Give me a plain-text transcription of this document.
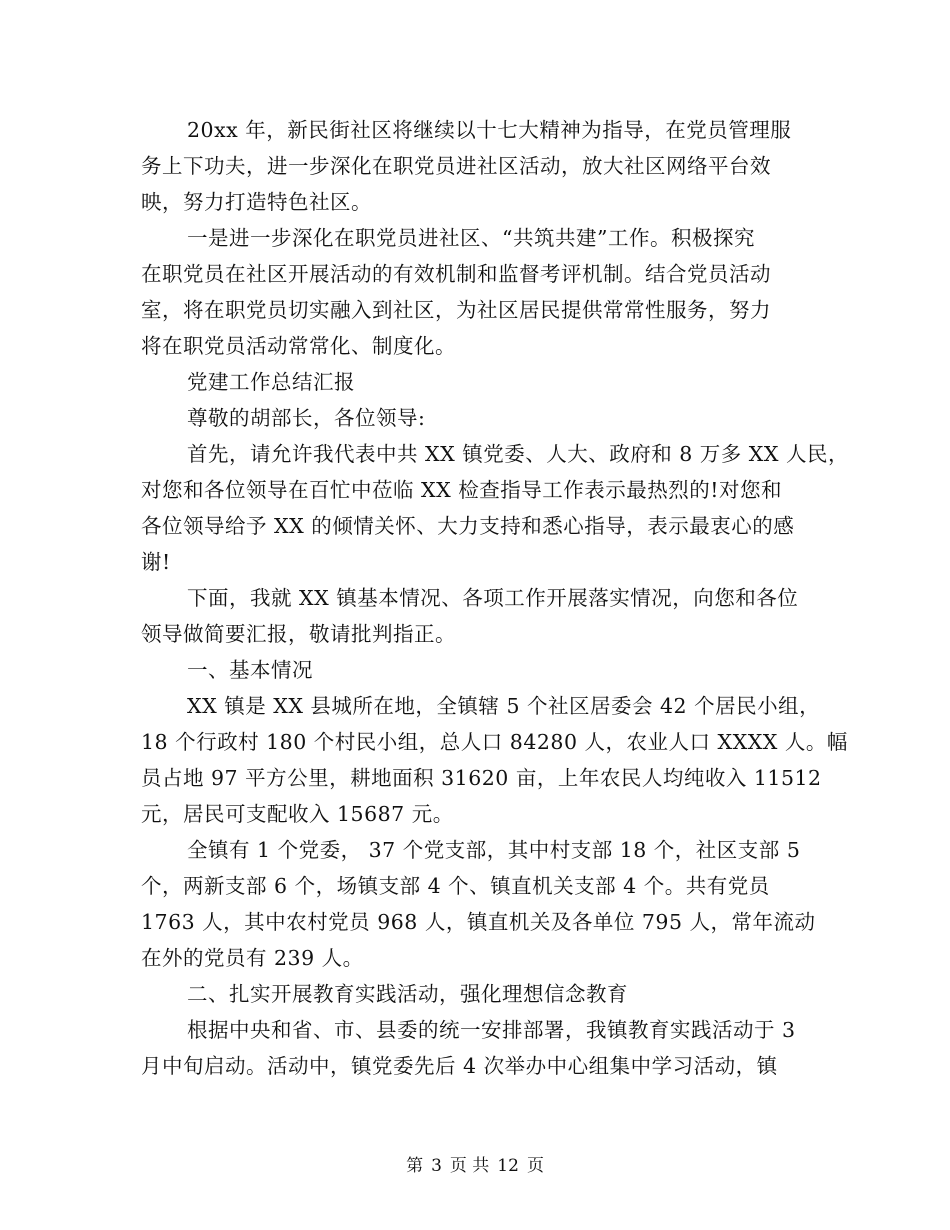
20xx 年，新民街社区将继续以十七大精神为指导，在党员管理服
务上下功夫，进一步深化在职党员进社区活动，放大社区网络平台效
映，努力打造特色社区。
一是进一步深化在职党员进社区、“共筑共建”工作。积极探究
在职党员在社区开展活动的有效机制和监督考评机制。结合党员活动
室，将在职党员切实融入到社区，为社区居民提供常常性服务，努力
将在职党员活动常常化、制度化。
党建工作总结汇报
尊敬的胡部长，各位领导:
首先，请允许我代表中共 XX 镇党委、人大、政府和 8 万多 XX 人民，
对您和各位领导在百忙中莅临 XX 检查指导工作表示最热烈的!对您和
各位领导给予 XX 的倾情关怀、大力支持和悉心指导，表示最衷心的感
谢!
下面，我就 XX 镇基本情况、各项工作开展落实情况，向您和各位
领导做简要汇报，敬请批判指正。
一、基本情况
XX 镇是 XX 县城所在地，全镇辖 5 个社区居委会 42 个居民小组，
18 个行政村 180 个村民小组，总人口 84280 人，农业人口 XXXX 人。幅
员占地 97 平方公里，耕地面积 31620 亩，上年农民人均纯收入 11512
元，居民可支配收入 15687 元。
全镇有 1 个党委， 37 个党支部，其中村支部 18 个，社区支部 5
个，两新支部 6 个，场镇支部 4 个、镇直机关支部 4 个。共有党员
1763 人，其中农村党员 968 人，镇直机关及各单位 795 人，常年流动
在外的党员有 239 人。
二、扎实开展教育实践活动，强化理想信念教育
根据中央和省、市、县委的统一安排部署，我镇教育实践活动于 3
月中旬启动。活动中，镇党委先后 4 次举办中心组集中学习活动，镇
第 3 页 共 12 页
